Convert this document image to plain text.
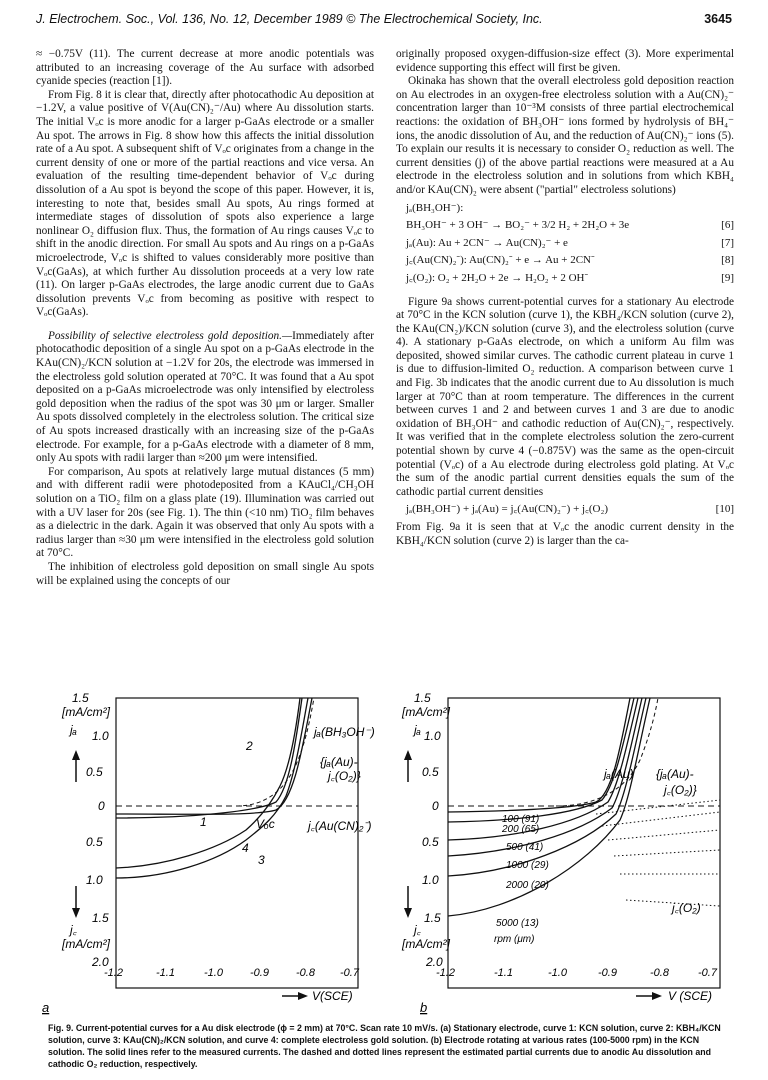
J. Electrochem. Soc., Vol. 136, No. 12, December 1989 © The Electrochemical Society, Inc.	3645

≈ −0.75V (11). The current decrease at more anodic potentials was attributed to an increasing coverage of the Au surface with adsorbed cyanide species (reaction [1]).

From Fig. 8 it is clear that, directly after photocathodic Au deposition at −1.2V, a value positive of V(Au(CN)₂⁻/Au) where Au dissolution starts. The initial Vₒc is more anodic for a larger p-GaAs electrode or a smaller Au spot. The arrows in Fig. 8 show how this affects the initial dissolution rate of a Au spot. A subsequent shift of Vₒc originates from a change in the current density of one or more of the partial reactions and vice versa. An evaluation of the resulting time-dependent behavior of Vₒc during dissolution of a Au spot is beyond the scope of this paper. However, it is, interesting to note that, besides small Au spots, Au rings formed at intermediate stages of dissolution of spots also experience a large nonlinear O₂ diffusion flux. Thus, the formation of Au rings causes Vₒc to shift in the anodic direction. For small Au spots and Au rings on a p-GaAs microelectrode, Vₒc is shifted to values considerably more positive than Vₒc(GaAs), at which further Au dissolution proceeds at a very low rate (11). On larger p-GaAs electrodes, the large anodic current due to GaAs dissolution prevents Vₒc from becoming as positive with respect to Vₒc(GaAs).

Possibility of selective electroless gold deposition.—Immediately after photocathodic deposition of a single Au spot on a p-GaAs electrode in the KAu(CN)₂/KCN solution at −1.2V for 20s, the electrode was immersed in the electroless gold solution operated at 70°C. It was found that a Au spot deposited on a p-GaAs microelectrode was only intensified by electroless gold deposition when the radius of the spot was 30 μm or larger. Smaller Au spots dissolved completely in the electroless solution. The critical size of Au spots increased drastically with an increasing size of the p-GaAs electrode. For example, for a p-GaAs electrode with a diameter of 8 mm, only Au spots with radii larger than ≈200 μm were intensified.

For comparison, Au spots at relatively large mutual distances (5 mm) and with different radii were photodeposited from a KAuCl₄/CH₃OH solution on a TiO₂ film on a glass plate (19). Illumination was carried out with a UV laser for 20s (see Fig. 1). The thin (<10 nm) TiO₂ film behaves as a dielectric in the dark. Again it was observed that only Au spots with a radius larger than ≈30 μm were intensified in the electroless gold solution at 70°C.

The inhibition of electroless gold deposition on small single Au spots will be explained using the concepts of our

originally proposed oxygen-diffusion-size effect (3). More experimental evidence supporting this effect will first be given.

Okinaka has shown that the overall electroless gold deposition reaction on Au electrodes in an oxygen-free electroless solution with a Au(CN)₂⁻ concentration larger than 10⁻³M consists of three partial electrochemical reactions: the oxidation of BH₃OH⁻ ions formed by hydrolysis of BH₄⁻ ions, the anodic dissolution of Au, and the reduction of Au(CN)₂⁻ ions (5). To explain our results it is necessary to consider O₂ reduction as well. The current densities (j) of the above partial reactions were measured at a Au electrode in the electroless solution and in solutions from which KBH₄ and/or KAu(CN)₂ were absent ("partial" electroless solutions)

jₐ(BH₃OH⁻):
BH₃OH⁻ + 3 OH⁻ → BO₂⁻ + 3/2 H₂ + 2H₂O + 3e	[6]
jₐ(Au): Au + 2CN⁻ → Au(CN)₂⁻ + e	[7]
j꜀(Au(CN)₂⁻): Au(CN)₂⁻ + e → Au + 2CN⁻	[8]
j꜀(O₂): O₂ + 2H₂O + 2e → H₂O₂ + 2 OH⁻	[9]

Figure 9a shows current-potential curves for a stationary Au electrode at 70°C in the KCN solution (curve 1), the KBH₄/KCN solution (curve 2), the KAu(CN₂)/KCN solution (curve 3), and the electroless solution (curve 4). A stationary p-GaAs electrode, on which a uniform Au film was deposited, showed similar curves. The cathodic current plateau in curve 1 is due to diffusion-limited O₂ reduction. A comparison between curve 1 and Fig. 3b indicates that the anodic current due to Au dissolution is much larger at 70°C than at room temperature. The differences in the current between curves 1 and 2 and between curves 1 and 3 are due to anodic oxidation of BH₃OH⁻ and cathodic reduction of Au(CN)₂⁻, respectively. It was verified that in the complete electroless solution the zero-current potential shown by curve 4 (−0.875V) was the same as the open-circuit potential (Vₒc) of a Au electrode during electroless gold plating. At Vₒc the sum of the anodic partial current densities equals the sum of the cathodic partial current densities

jₐ(BH₃OH⁻) + jₐ(Au) = j꜀(Au(CN)₂⁻) + j꜀(O₂)	[10]

From Fig. 9a it is seen that at Vₒc the anodic current density in the KBH₄/KCN solution (curve 2) is larger than the ca-

1.5
[mA/cm²]
jₐ 1.0
0.5
0
0.5
1.0
1.5
j꜀
[mA/cm²]
2.0
-1.2	-1.1	-1.0 -0.9 -0.8 -0.7
V(SCE)
a
2
1
4
3
Vₒc
jₐ(BH₃OH⁻)
{jₐ(Au)-
j꜀(O₂)}
j꜀(Au(CN)₂⁻)
1.5
[mA/cm²]
jₐ 1.0
0.5
0
0.5
1.0
1.5
j꜀
[mA/cm²]
2.0
-1.2	-1.1	-1.0	-0.9	-0.8	-0.7
V (SCE)
b
100 (91)
200 (65)
500 (41)
1000 (29)
2000 (20)
5000 (13)
rpm (μm)
jₐ(Au) {jₐ(Au)-
j꜀(O₂)}
j꜀(O₂)
Fig. 9. Current-potential curves for a Au disk electrode (ϕ = 2 mm) at 70°C. Scan rate 10 mV/s. (a) Stationary electrode, curve 1: KCN solution, curve 2: KBH₄/KCN solution, curve 3: KAu(CN)₂/KCN solution, and curve 4: complete electroless gold solution. (b) Electrode rotating at various rates (100-5000 rpm) in the KCN solution. The solid lines refer to the measured currents. The dashed and dotted lines represent the estimated partial currents due to anodic Au dissolution and cathodic O₂ reduction, respectively.
